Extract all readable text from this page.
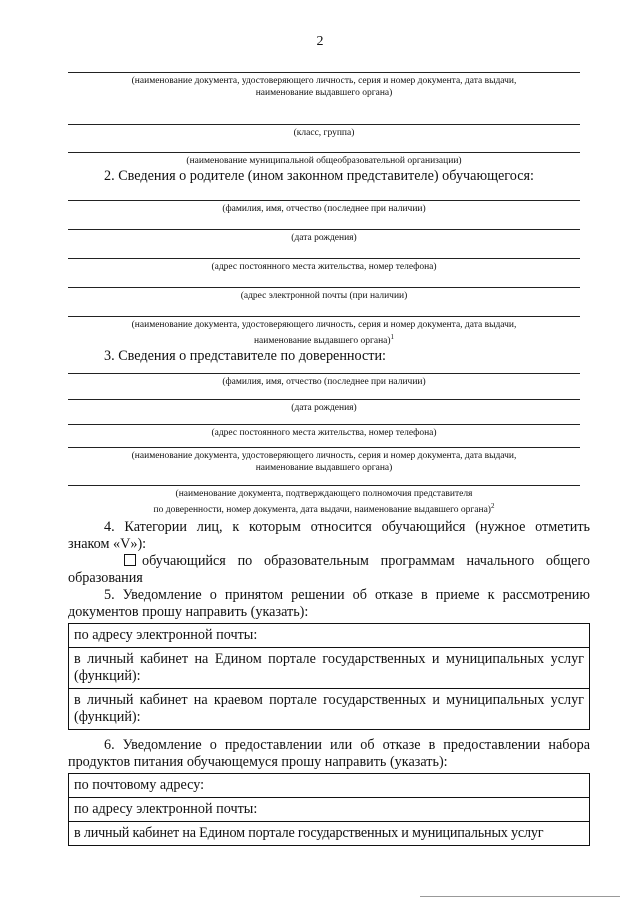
2
(наименование документа, удостоверяющего личность, серия и номер документа, дата выдачи,
наименование выдавшего органа)
(класс, группа)
(наименование муниципальной общеобразовательной организации)
2. Сведения о родителе (ином законном представителе) обучающегося:
(фамилия, имя, отчество (последнее при наличии)
(дата рождения)
(адрес постоянного места жительства, номер телефона)
(адрес электронной почты (при наличии)
(наименование документа, удостоверяющего личность, серия и номер документа, дата выдачи,
наименование выдавшего органа)$^1$
3. Сведения о представителе по доверенности:
(фамилия, имя, отчество (последнее при наличии)
(дата рождения)
(адрес постоянного места жительства, номер телефона)
(наименование документа, удостоверяющего личность, серия и номер документа, дата выдачи,
наименование выдавшего органа)
(наименование документа, подтверждающего полномочия представителя
по доверенности, номер документа, дата выдачи, наименование выдавшего органа)$^2$
4. Категории лиц, к которым относится обучающийся (нужное отметить
знаком «V»):
обучающийся по образовательным программам начального общего
образования
5. Уведомление о принятом решении об отказе в приеме к рассмотрению
документов прошу направить (указать):
по адресу электронной почты:
в личный кабинет на Едином портале государственных и муниципальных услуг (функций):
в личный кабинет на краевом портале государственных и муниципальных услуг (функций):
6. Уведомление о предоставлении или об отказе в предоставлении набора
продуктов питания обучающемуся прошу направить (указать):
по почтовому адресу:
по адресу электронной почты:
в личный кабинет на Едином портале государственных и муниципальных услуг
